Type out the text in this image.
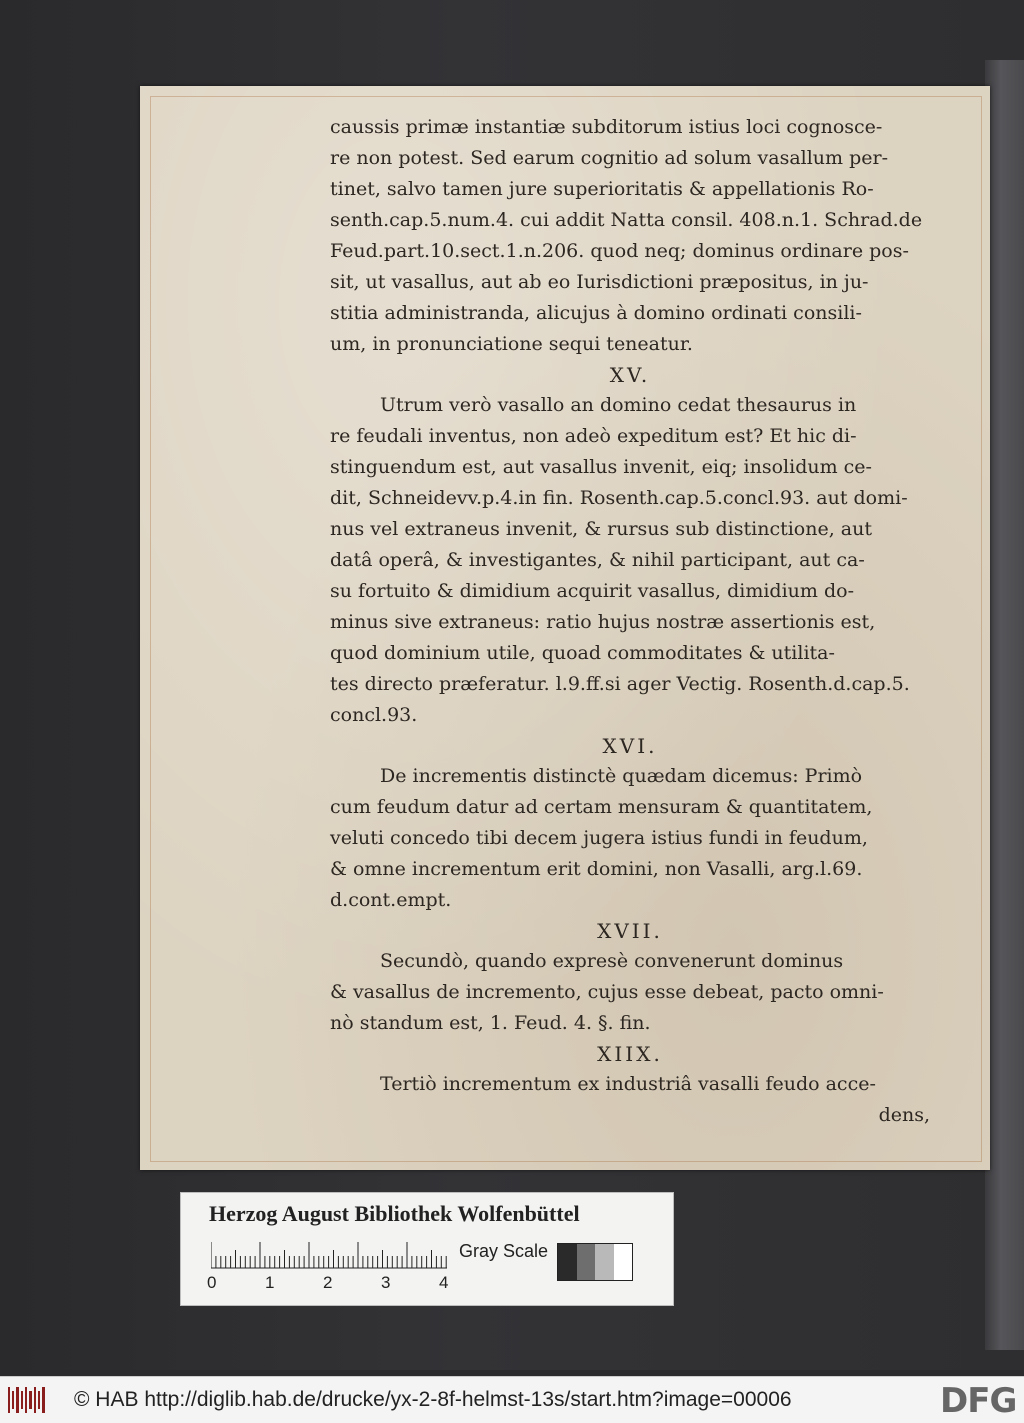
caussis primæ instantiæ subditorum istius loci cognosce-

re non potest. Sed earum cognitio ad solum vasallum per-

tinet, salvo tamen jure superioritatis & appellationis Ro-

senth.cap.5.num.4. cui addit Natta consil. 408.n.1. Schrad.de

Feud.part.10.sect.1.n.206. quod neq; dominus ordinare pos-

sit, ut vasallus, aut ab eo Iurisdictioni præpositus, in ju-

stitia administranda, alicujus à domino ordinati consili-

um, in pronunciatione sequi teneatur.

XV.

Utrum verò vasallo an domino cedat thesaurus in

re feudali inventus, non adeò expeditum est? Et hic di-

stinguendum est, aut vasallus invenit, eiq; insolidum ce-

dit, Schneidevv.p.4.in fin. Rosenth.cap.5.concl.93. aut domi-

nus vel extraneus invenit, & rursus sub distinctione, aut

datâ operâ, & investigantes, & nihil participant, aut ca-

su fortuito & dimidium acquirit vasallus, dimidium do-

minus sive extraneus: ratio hujus nostræ assertionis est,

quod dominium utile, quoad commoditates & utilita-

tes directo præferatur. l.9.ff.si ager Vectig. Rosenth.d.cap.5.

concl.93.

XVI.

De incrementis distinctè quædam dicemus: Primò

cum feudum datur ad certam mensuram & quantitatem,

veluti concedo tibi decem jugera istius fundi in feudum,

& omne incrementum erit domini, non Vasalli, arg.l.69.

d.cont.empt.

XVII.

Secundò, quando expresè convenerunt dominus

& vasallus de incremento, cujus esse debeat, pacto omni-

nò standum est, 1. Feud. 4. §. fin.

XIIX.

Tertiò incrementum ex industriâ vasalli feudo acce-

dens,

Herzog August Bibliothek Wolfenbüttel
0	1	2	3	4
Gray Scale
© HAB http://diglib.hab.de/drucke/yx-2-8f-helmst-13s/start.htm?image=00006	DFG
